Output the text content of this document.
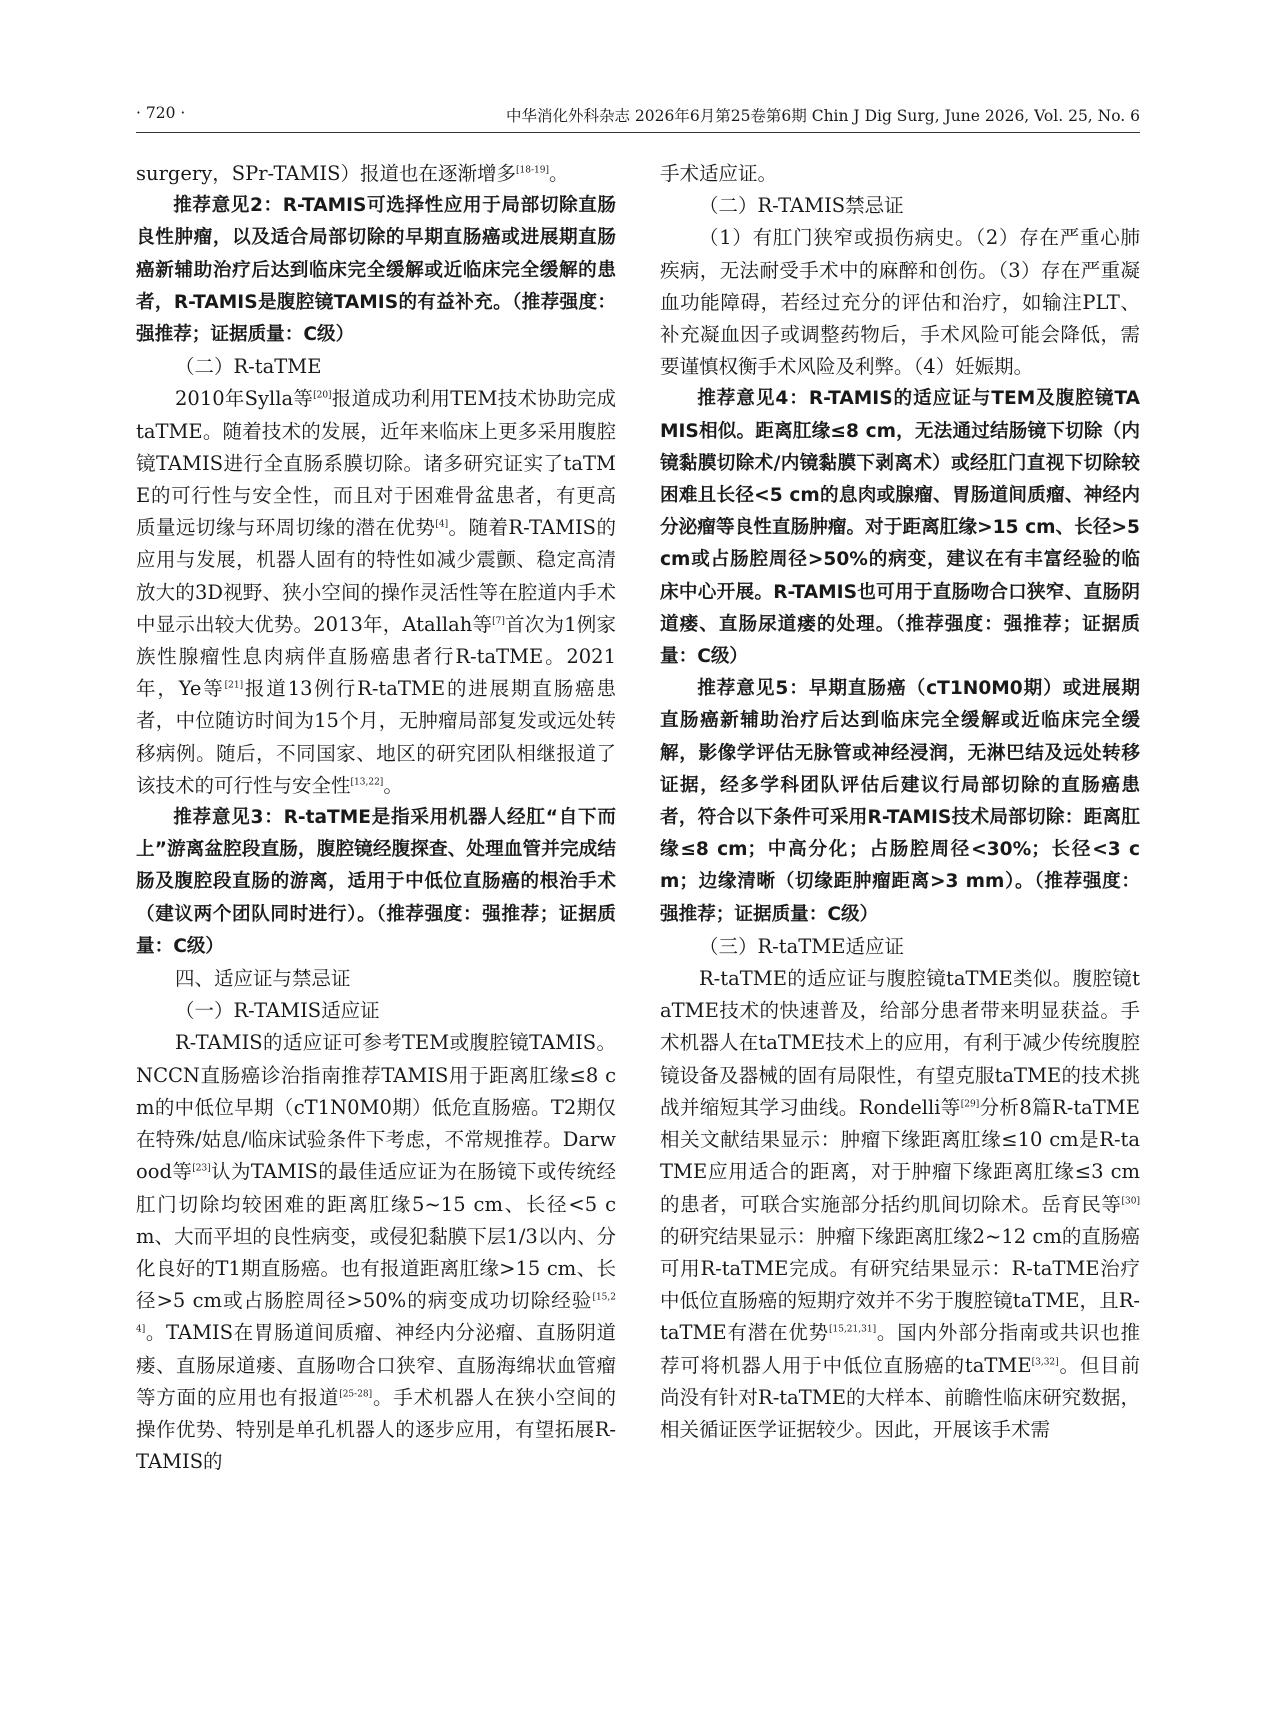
· 720 ·	中华消化外科杂志 2026年6月第25卷第6期 Chin J Dig Surg, June 2026, Vol. 25, No. 6

surgery，SPr-TAMIS）报道也在逐渐增多[18-19]。

推荐意见2：R-TAMIS可选择性应用于局部切除直肠良性肿瘤，以及适合局部切除的早期直肠癌或进展期直肠癌新辅助治疗后达到临床完全缓解或近临床完全缓解的患者，R-TAMIS是腹腔镜TAMIS的有益补充。（推荐强度：强推荐；证据质量：C级）

（二）R-taTME

2010年Sylla等[20]报道成功利用TEM技术协助完成taTME。随着技术的发展，近年来临床上更多采用腹腔镜TAMIS进行全直肠系膜切除。诸多研究证实了taTME的可行性与安全性，而且对于困难骨盆患者，有更高质量远切缘与环周切缘的潜在优势[4]。随着R-TAMIS的应用与发展，机器人固有的特性如减少震颤、稳定高清放大的3D视野、狭小空间的操作灵活性等在腔道内手术中显示出较大优势。2013年，Atallah等[7]首次为1例家族性腺瘤性息肉病伴直肠癌患者行R-taTME。2021年，Ye等[21]报道13例行R-taTME的进展期直肠癌患者，中位随访时间为15个月，无肿瘤局部复发或远处转移病例。随后，不同国家、地区的研究团队相继报道了该技术的可行性与安全性[13,22]。

推荐意见3：R-taTME是指采用机器人经肛“自下而上”游离盆腔段直肠，腹腔镜经腹探查、处理血管并完成结肠及腹腔段直肠的游离，适用于中低位直肠癌的根治手术（建议两个团队同时进行）。（推荐强度：强推荐；证据质量：C级）

四、适应证与禁忌证

（一）R-TAMIS适应证

R-TAMIS的适应证可参考TEM或腹腔镜TAMIS。NCCN直肠癌诊治指南推荐TAMIS用于距离肛缘≤8 cm的中低位早期（cT1N0M0期）低危直肠癌。T2期仅在特殊/姑息/临床试验条件下考虑，不常规推荐。Darwood等[23]认为TAMIS的最佳适应证为在肠镜下或传统经肛门切除均较困难的距离肛缘5~15 cm、长径<5 cm、大而平坦的良性病变，或侵犯黏膜下层1/3以内、分化良好的T1期直肠癌。也有报道距离肛缘>15 cm、长径>5 cm或占肠腔周径>50%的病变成功切除经验[15,24]。TAMIS在胃肠道间质瘤、神经内分泌瘤、直肠阴道瘘、直肠尿道瘘、直肠吻合口狭窄、直肠海绵状血管瘤等方面的应用也有报道[25-28]。手术机器人在狭小空间的操作优势、特别是单孔机器人的逐步应用，有望拓展R-TAMIS的

手术适应证。

（二）R-TAMIS禁忌证

（1）有肛门狭窄或损伤病史。（2）存在严重心肺疾病，无法耐受手术中的麻醉和创伤。（3）存在严重凝血功能障碍，若经过充分的评估和治疗，如输注PLT、补充凝血因子或调整药物后，手术风险可能会降低，需要谨慎权衡手术风险及利弊。（4）妊娠期。

推荐意见4：R-TAMIS的适应证与TEM及腹腔镜TAMIS相似。距离肛缘≤8 cm，无法通过结肠镜下切除（内镜黏膜切除术/内镜黏膜下剥离术）或经肛门直视下切除较困难且长径<5 cm的息肉或腺瘤、胃肠道间质瘤、神经内分泌瘤等良性直肠肿瘤。对于距离肛缘>15 cm、长径>5 cm或占肠腔周径>50%的病变，建议在有丰富经验的临床中心开展。R-TAMIS也可用于直肠吻合口狭窄、直肠阴道瘘、直肠尿道瘘的处理。（推荐强度：强推荐；证据质量：C级）

推荐意见5：早期直肠癌（cT1N0M0期）或进展期直肠癌新辅助治疗后达到临床完全缓解或近临床完全缓解，影像学评估无脉管或神经浸润，无淋巴结及远处转移证据，经多学科团队评估后建议行局部切除的直肠癌患者，符合以下条件可采用R-TAMIS技术局部切除：距离肛缘≤8 cm；中高分化；占肠腔周径<30%；长径<3 cm；边缘清晰（切缘距肿瘤距离>3 mm）。（推荐强度：强推荐；证据质量：C级）

（三）R-taTME适应证

R-taTME的适应证与腹腔镜taTME类似。腹腔镜taTME技术的快速普及，给部分患者带来明显获益。手术机器人在taTME技术上的应用，有利于减少传统腹腔镜设备及器械的固有局限性，有望克服taTME的技术挑战并缩短其学习曲线。Rondelli等[29]分析8篇R-taTME相关文献结果显示：肿瘤下缘距离肛缘≤10 cm是R-taTME应用适合的距离，对于肿瘤下缘距离肛缘≤3 cm的患者，可联合实施部分括约肌间切除术。岳育民等[30]的研究结果显示：肿瘤下缘距离肛缘2~12 cm的直肠癌可用R-taTME完成。有研究结果显示：R-taTME治疗中低位直肠癌的短期疗效并不劣于腹腔镜taTME，且R-taTME有潜在优势[15,21,31]。国内外部分指南或共识也推荐可将机器人用于中低位直肠癌的taTME[3,32]。但目前尚没有针对R-taTME的大样本、前瞻性临床研究数据，相关循证医学证据较少。因此，开展该手术需
